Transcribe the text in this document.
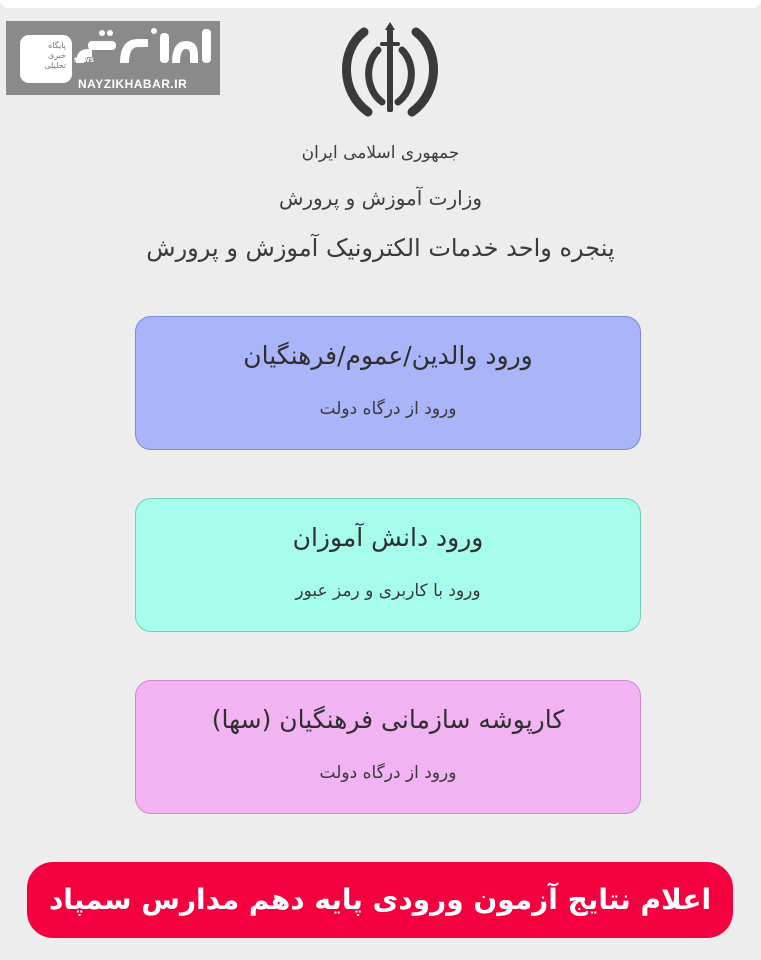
پایگاه
خبری
تحلیلی
NEWS
NAYZIKHABAR.IR
جمهوری اسلامی ایران
وزارت آموزش و پرورش
پنجره واحد خدمات الکترونیک آموزش و پرورش
ورود والدین/عموم/فرهنگیان
ورود از درگاه دولت
ورود دانش آموزان
ورود با کاربری و رمز عبور
کارپوشه سازمانی فرهنگیان (سها)
ورود از درگاه دولت
اعلام نتایج آزمون ورودی پایه دهم مدارس سمپاد
